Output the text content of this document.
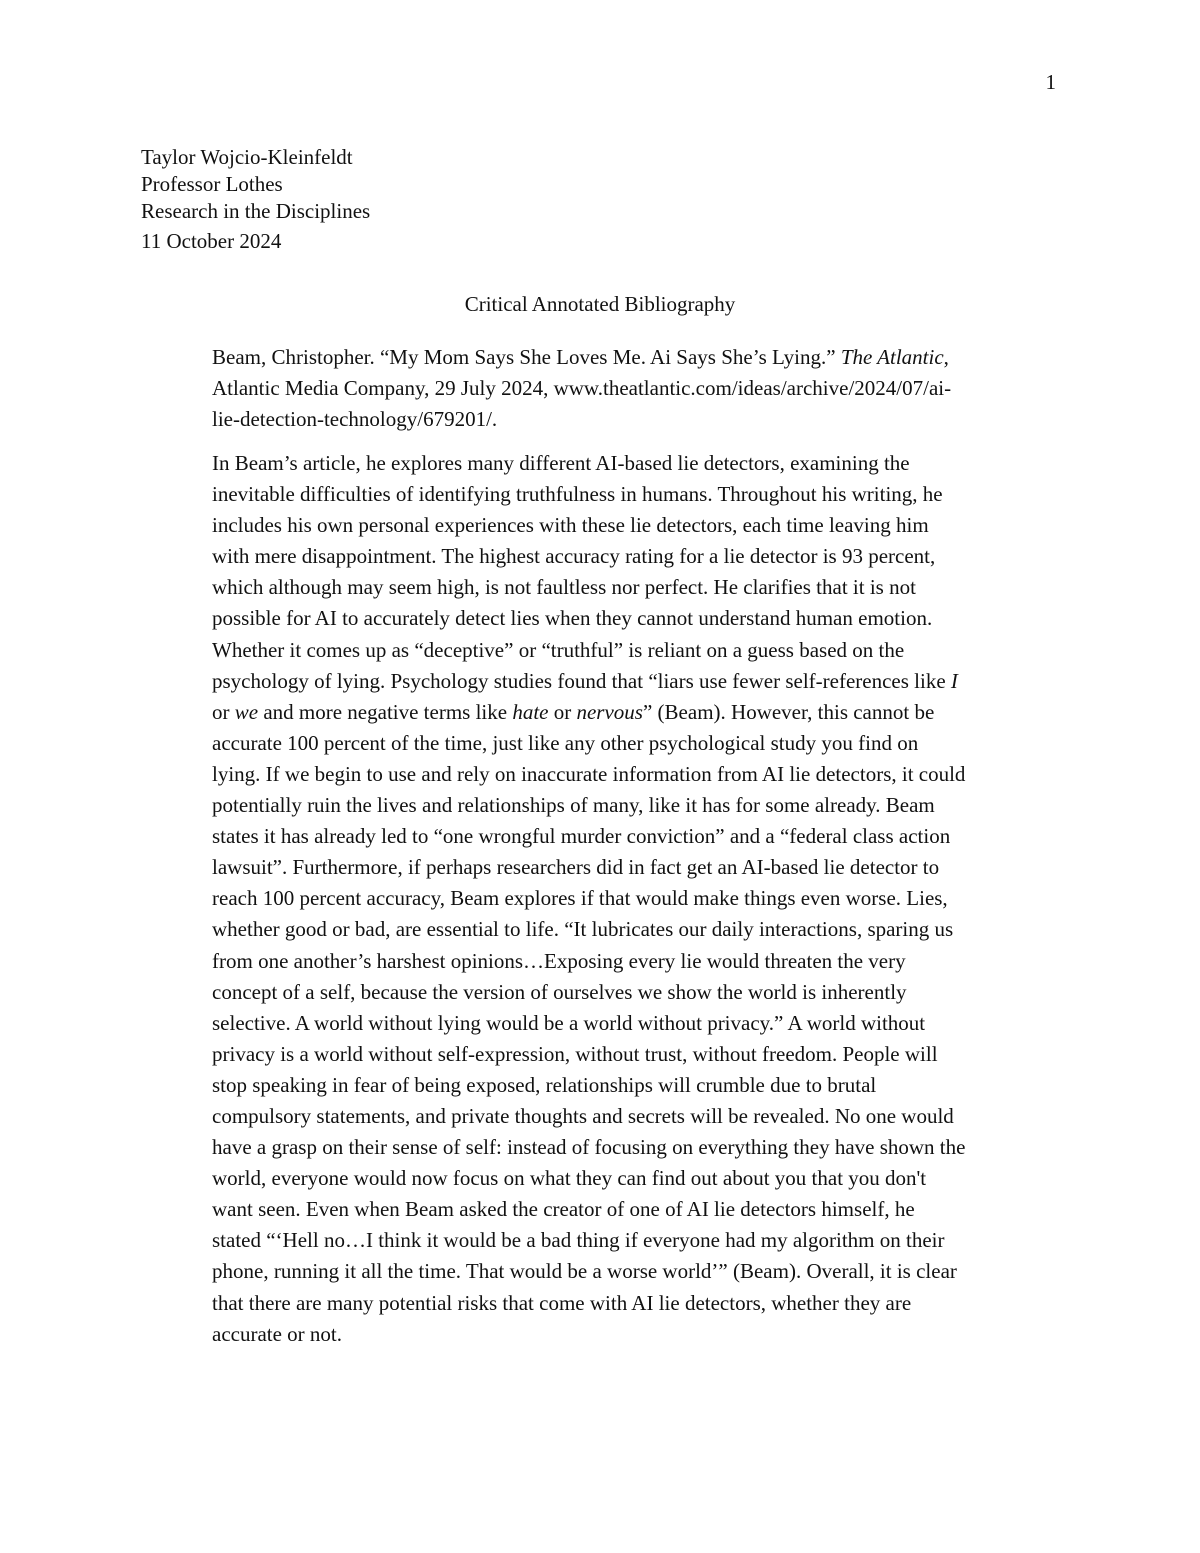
1
Taylor Wojcio-Kleinfeldt
Professor Lothes
Research in the Disciplines
11 October 2024
Critical Annotated Bibliography
Beam, Christopher. “My Mom Says She Loves Me. Ai Says She’s Lying.” The Atlantic,
Atlantic Media Company, 29 July 2024, www.theatlantic.com/ideas/archive/2024/07/ai-
lie-detection-technology/679201/.
In Beam’s article, he explores many different AI-based lie detectors, examining the
inevitable difficulties of identifying truthfulness in humans. Throughout his writing, he
includes his own personal experiences with these lie detectors, each time leaving him
with mere disappointment. The highest accuracy rating for a lie detector is 93 percent,
which although may seem high, is not faultless nor perfect. He clarifies that it is not
possible for AI to accurately detect lies when they cannot understand human emotion.
Whether it comes up as “deceptive” or “truthful” is reliant on a guess based on the
psychology of lying. Psychology studies found that “liars use fewer self-references like I
or we and more negative terms like hate or nervous” (Beam). However, this cannot be
accurate 100 percent of the time, just like any other psychological study you find on
lying. If we begin to use and rely on inaccurate information from AI lie detectors, it could
potentially ruin the lives and relationships of many, like it has for some already. Beam
states it has already led to “one wrongful murder conviction” and a “federal class action
lawsuit”. Furthermore, if perhaps researchers did in fact get an AI-based lie detector to
reach 100 percent accuracy, Beam explores if that would make things even worse. Lies,
whether good or bad, are essential to life. “It lubricates our daily interactions, sparing us
from one another’s harshest opinions…Exposing every lie would threaten the very
concept of a self, because the version of ourselves we show the world is inherently
selective. A world without lying would be a world without privacy.” A world without
privacy is a world without self-expression, without trust, without freedom. People will
stop speaking in fear of being exposed, relationships will crumble due to brutal
compulsory statements, and private thoughts and secrets will be revealed. No one would
have a grasp on their sense of self: instead of focusing on everything they have shown the
world, everyone would now focus on what they can find out about you that you don't
want seen. Even when Beam asked the creator of one of AI lie detectors himself, he
stated “‘Hell no…I think it would be a bad thing if everyone had my algorithm on their
phone, running it all the time. That would be a worse world’” (Beam). Overall, it is clear
that there are many potential risks that come with AI lie detectors, whether they are
accurate or not.
